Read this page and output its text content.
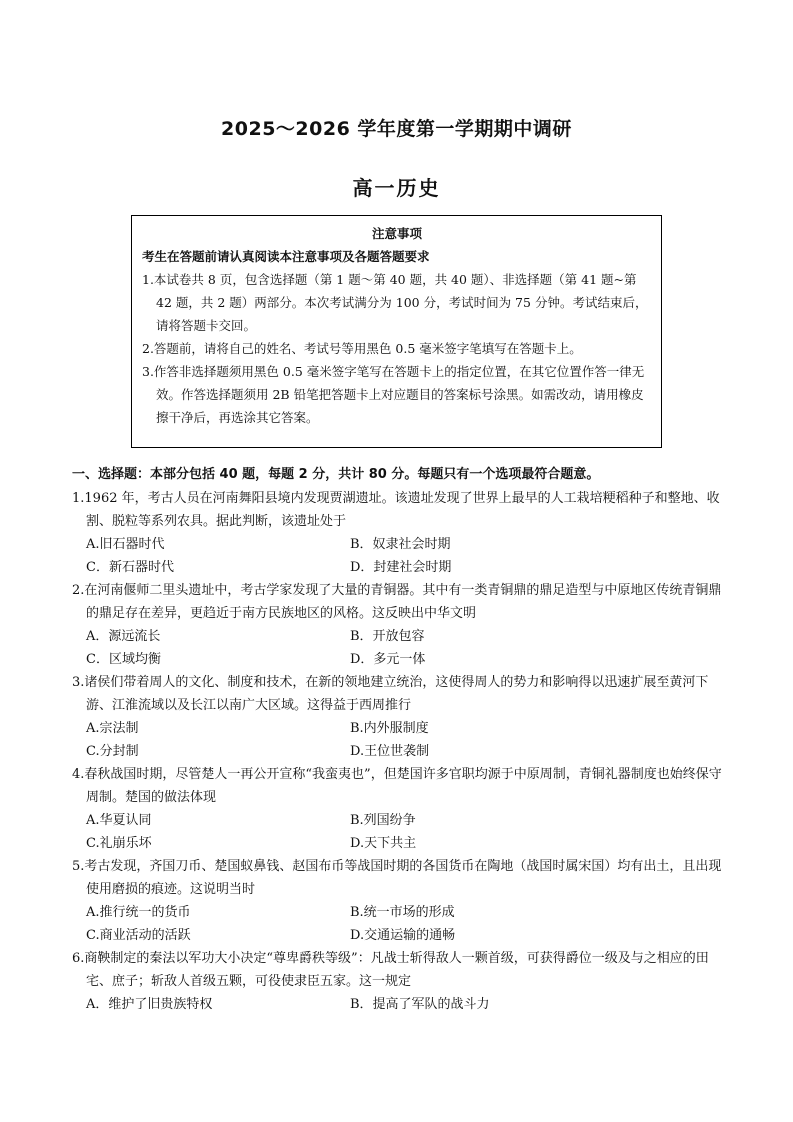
2025～2026 学年度第一学期期中调研
高一历史
注意事项
考生在答题前请认真阅读本注意事项及各题答题要求
1.本试卷共 8 页，包含选择题（第 1 题～第 40 题，共 40 题）、非选择题（第 41 题~第 42 题，共 2 题）两部分。本次考试满分为 100 分，考试时间为 75 分钟。考试结束后，请将答题卡交回。
2.答题前，请将自己的姓名、考试号等用黑色 0.5 毫米签字笔填写在答题卡上。
3.作答非选择题须用黑色 0.5 毫米签字笔写在答题卡上的指定位置，在其它位置作答一律无效。作答选择题须用 2B 铅笔把答题卡上对应题目的答案标号涂黑。如需改动，请用橡皮擦干净后，再选涂其它答案。
一、选择题：本部分包括 40 题，每题 2 分，共计 80 分。每题只有一个选项最符合题意。
1.1962 年，考古人员在河南舞阳县境内发现贾湖遗址。该遗址发现了世界上最早的人工栽培粳稻种子和整地、收割、脱粒等系列农具。据此判断，该遗址处于
A.旧石器时代	B．奴隶社会时期
C．新石器时代	D．封建社会时期
2.在河南偃师二里头遗址中，考古学家发现了大量的青铜器。其中有一类青铜鼎的鼎足造型与中原地区传统青铜鼎的鼎足存在差异，更趋近于南方民族地区的风格。这反映出中华文明
A．源远流长	B．开放包容
C．区域均衡	D．多元一体
3.诸侯们带着周人的文化、制度和技术，在新的领地建立统治，这使得周人的势力和影响得以迅速扩展至黄河下游、江淮流域以及长江以南广大区域。这得益于西周推行
A.宗法制	B.内外服制度
C.分封制	D.王位世袭制
4.春秋战国时期，尽管楚人一再公开宣称“我蛮夷也”，但楚国许多官职均源于中原周制，青铜礼器制度也始终保守周制。楚国的做法体现
A.华夏认同	B.列国纷争
C.礼崩乐坏	D.天下共主
5.考古发现，齐国刀币、楚国蚁鼻钱、赵国布币等战国时期的各国货币在陶地（战国时属宋国）均有出土，且出现使用磨损的痕迹。这说明当时
A.推行统一的货币	B.统一市场的形成
C.商业活动的活跃	D.交通运输的通畅
6.商鞅制定的秦法以军功大小决定“尊卑爵秩等级”：凡战士斩得敌人一颗首级，可获得爵位一级及与之相应的田宅、庶子；斩敌人首级五颗，可役使隶臣五家。这一规定
A．维护了旧贵族特权	B．提高了军队的战斗力
